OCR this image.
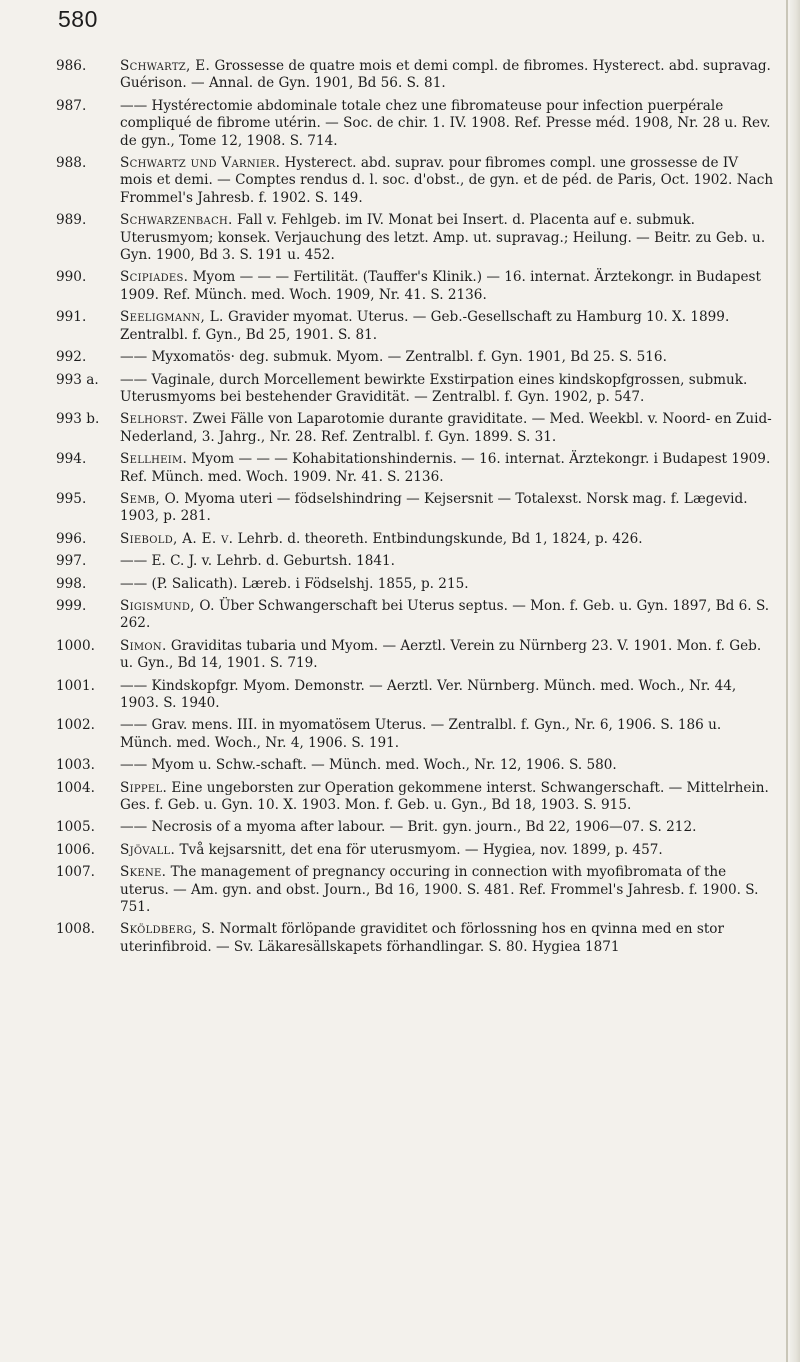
580
986.	Schwartz, E. Grossesse de quatre mois et demi compl. de fibromes. Hysterect. abd. supravag. Guérison. — Annal. de Gyn. 1901, Bd 56. S. 81.
987.	—— Hystérectomie abdominale totale chez une fibromateuse pour infection puerpérale compliqué de fibrome utérin. — Soc. de chir. 1. IV. 1908. Ref. Presse méd. 1908, Nr. 28 u. Rev. de gyn., Tome 12, 1908. S. 714.
988.	Schwartz und Varnier. Hysterect. abd. suprav. pour fibromes compl. une grossesse de IV mois et demi. — Comptes rendus d. l. soc. d'obst., de gyn. et de péd. de Paris, Oct. 1902. Nach Frommel's Jahresb. f. 1902. S. 149.
989.	Schwarzenbach. Fall v. Fehlgeb. im IV. Monat bei Insert. d. Placenta auf e. submuk. Uterusmyom; konsek. Verjauchung des letzt. Amp. ut. supravag.; Heilung. — Beitr. zu Geb. u. Gyn. 1900, Bd 3. S. 191 u. 452.
990.	Scipiades. Myom — — — Fertilität. (Tauffer's Klinik.) — 16. internat. Ärztekongr. in Budapest 1909. Ref. Münch. med. Woch. 1909, Nr. 41. S. 2136.
991.	Seeligmann, L. Gravider myomat. Uterus. — Geb.-Gesellschaft zu Hamburg 10. X. 1899. Zentralbl. f. Gyn., Bd 25, 1901. S. 81.
992.	—— Myxomatös· deg. submuk. Myom. — Zentralbl. f. Gyn. 1901, Bd 25. S. 516.
993 a.	—— Vaginale, durch Morcellement bewirkte Exstirpation eines kindskopfgrossen, submuk. Uterusmyoms bei bestehender Gravidität. — Zentralbl. f. Gyn. 1902, p. 547.
993 b.	Selhorst. Zwei Fälle von Laparotomie durante graviditate. — Med. Weekbl. v. Noord- en Zuid-Nederland, 3. Jahrg., Nr. 28. Ref. Zentralbl. f. Gyn. 1899. S. 31.
994.	Sellheim. Myom — — — Kohabitationshindernis. — 16. internat. Ärztekongr. i Budapest 1909. Ref. Münch. med. Woch. 1909. Nr. 41. S. 2136.
995.	Semb, O. Myoma uteri — födselshindring — Kejsersnit — Totalexst. Norsk mag. f. Lægevid. 1903, p. 281.
996.	Siebold, A. E. v. Lehrb. d. theoreth. Entbindungskunde, Bd 1, 1824, p. 426.
997.	—— E. C. J. v. Lehrb. d. Geburtsh. 1841.
998.	—— (P. Salicath). Læreb. i Födselshj. 1855, p. 215.
999.	Sigismund, O. Über Schwangerschaft bei Uterus septus. — Mon. f. Geb. u. Gyn. 1897, Bd 6. S. 262.
1000.	Simon. Graviditas tubaria und Myom. — Aerztl. Verein zu Nürnberg 23. V. 1901. Mon. f. Geb. u. Gyn., Bd 14, 1901. S. 719.
1001.	—— Kindskopfgr. Myom. Demonstr. — Aerztl. Ver. Nürnberg. Münch. med. Woch., Nr. 44, 1903. S. 1940.
1002.	—— Grav. mens. III. in myomatösem Uterus. — Zentralbl. f. Gyn., Nr. 6, 1906. S. 186 u. Münch. med. Woch., Nr. 4, 1906. S. 191.
1003.	—— Myom u. Schw.-schaft. — Münch. med. Woch., Nr. 12, 1906. S. 580.
1004.	Sippel. Eine ungeborsten zur Operation gekommene interst. Schwangerschaft. — Mittelrhein. Ges. f. Geb. u. Gyn. 10. X. 1903. Mon. f. Geb. u. Gyn., Bd 18, 1903. S. 915.
1005.	—— Necrosis of a myoma after labour. — Brit. gyn. journ., Bd 22, 1906—07. S. 212.
1006.	Sjövall. Två kejsarsnitt, det ena för uterusmyom. — Hygiea, nov. 1899, p. 457.
1007.	Skene. The management of pregnancy occuring in connection with myofibromata of the uterus. — Am. gyn. and obst. Journ., Bd 16, 1900. S. 481. Ref. Frommel's Jahresb. f. 1900. S. 751.
1008.	Sköldberg, S. Normalt förlöpande graviditet och förlossning hos en qvinna med en stor uterinfibroid. — Sv. Läkaresällskapets förhandlingar. S. 80. Hygiea 1871
